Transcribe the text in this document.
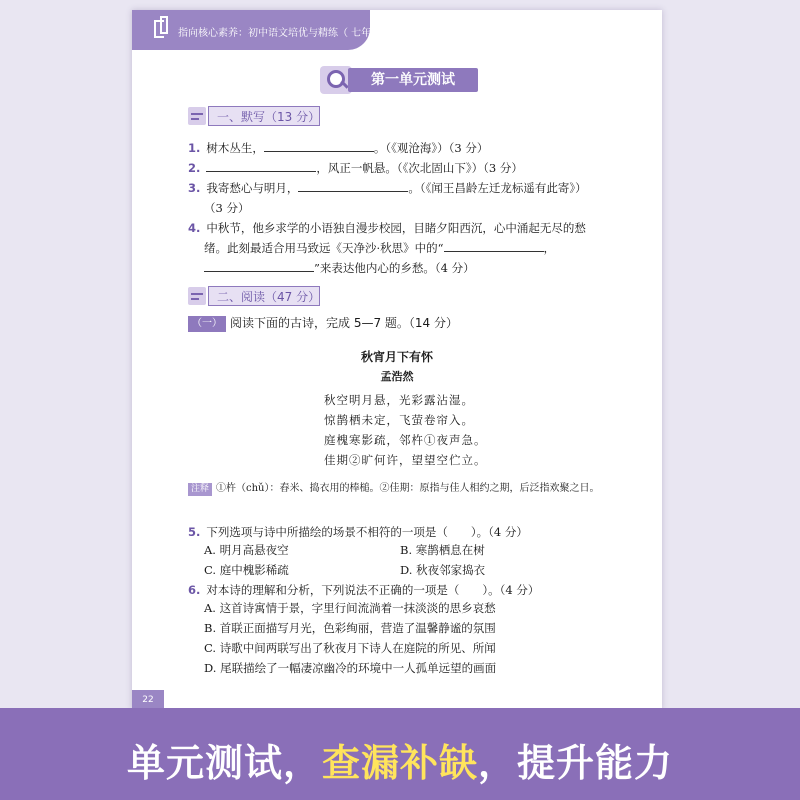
指向核心素养：初中语文培优与精练（ 七年级上册 ）
第一单元测试
一、默写（13 分）
1. 树木丛生，	。（《观沧海》）（3 分）
2.	，风正一帆悬。（《次北固山下》）（3 分）
3. 我寄愁心与明月，	。（《闻王昌龄左迁龙标遥有此寄》）
（3 分）
4. 中秋节，他乡求学的小语独自漫步校园，目睹夕阳西沉，心中涌起无尽的愁
绪。此刻最适合用马致远《天净沙·秋思》中的“	，
”来表达他内心的乡愁。（4 分）
二、阅读（47 分）
（一） 阅读下面的古诗，完成 5—7 题。（14 分）
秋宵月下有怀
孟浩然
秋空明月悬，光彩露沾湿。
惊鹊栖未定，飞萤卷帘入。
庭槐寒影疏，邻杵①夜声急。
佳期②旷何许，望望空伫立。
注释 ①杵（chǔ）：舂米、捣衣用的棒槌。②佳期：原指与佳人相约之期，后泛指欢聚之日。
5. 下列选项与诗中所描绘的场景不相符的一项是（　　）。（4 分）
A. 明月高悬夜空	B. 寒鹊栖息在树
C. 庭中槐影稀疏	D. 秋夜邻家捣衣
6. 对本诗的理解和分析，下列说法不正确的一项是（　　）。（4 分）
A. 这首诗寓情于景，字里行间流淌着一抹淡淡的思乡哀愁
B. 首联正面描写月光，色彩绚丽，营造了温馨静谧的氛围
C. 诗歌中间两联写出了秋夜月下诗人在庭院的所见、所闻
D. 尾联描绘了一幅凄凉幽冷的环境中一人孤单远望的画面
22
单元测试，查漏补缺，提升能力
